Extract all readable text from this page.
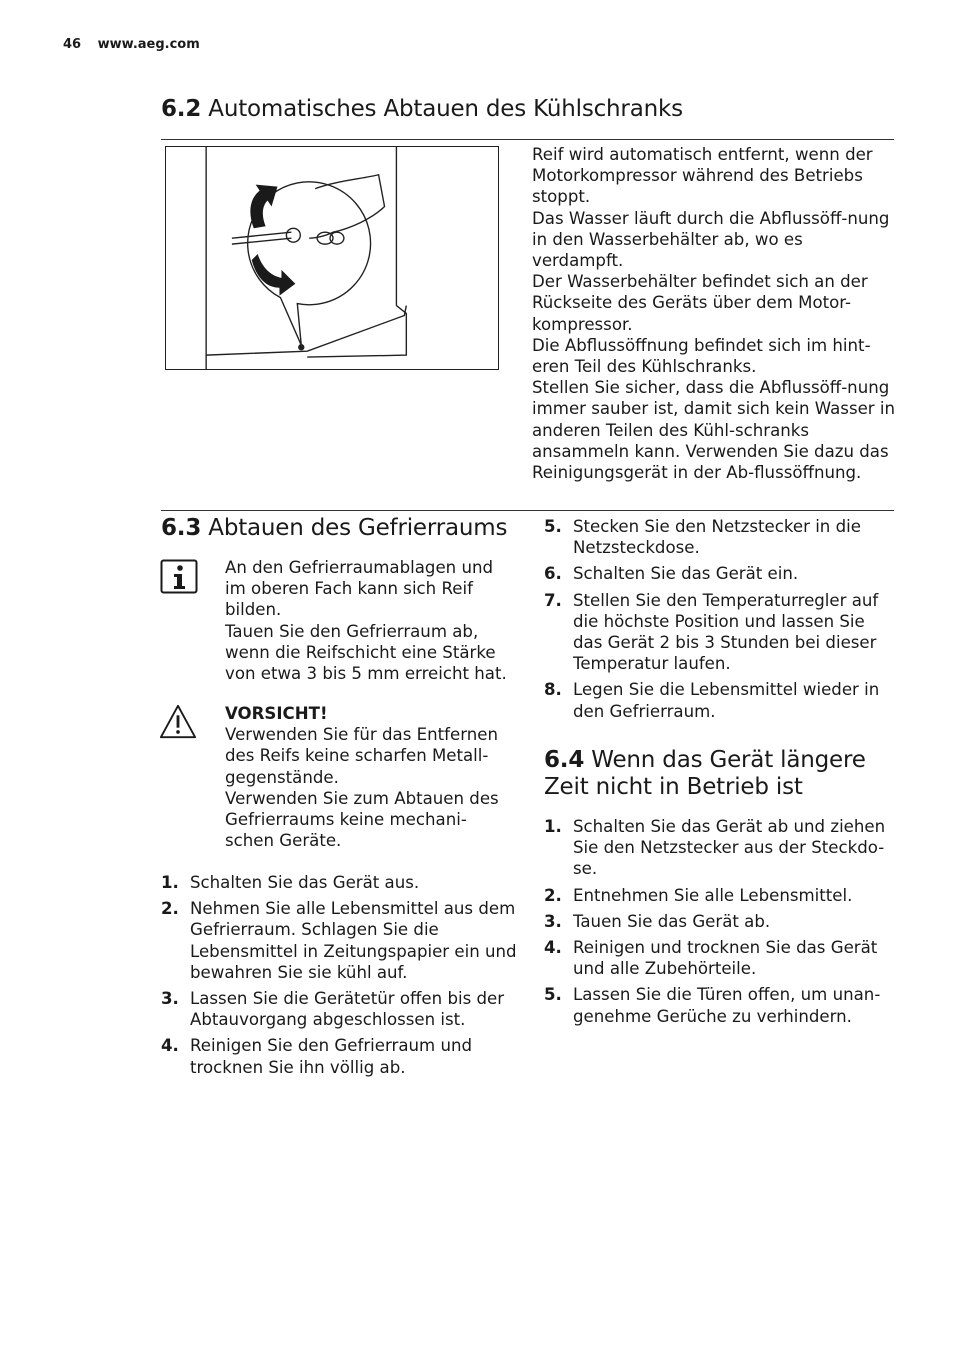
46 www.aeg.com
6.2 Automatisches Abtauen des Kühlschranks

Reif wird automatisch entfernt, wenn der Motorkompressor während des Betriebs stoppt.

Das Wasser läuft durch die Abflussöff-nung in den Wasserbehälter ab, wo es verdampft.

Der Wasserbehälter befindet sich an der Rückseite des Geräts über dem Motor-kompressor.

Die Abflussöffnung befindet sich im hint-eren Teil des Kühlschranks.

Stellen Sie sicher, dass die Abflussöff-nung immer sauber ist, damit sich kein Wasser in anderen Teilen des Kühl-schranks ansammeln kann. Verwenden Sie dazu das Reinigungsgerät in der Ab-flussöffnung.

6.3 Abtauen des Gefrierraums

An den Gefrierraumablagen und im oberen Fach kann sich Reif bilden.

Tauen Sie den Gefrierraum ab, wenn die Reifschicht eine Stärke von etwa 3 bis 5 mm erreicht hat.

VORSICHT!

Verwenden Sie für das Entfernen des Reifs keine scharfen Metall-gegenstände.

Verwenden Sie zum Abtauen des Gefrierraums keine mechani-schen Geräte.

1. Schalten Sie das Gerät aus.
2. Nehmen Sie alle Lebensmittel aus dem Gefrierraum. Schlagen Sie die Lebensmittel in Zeitungspapier ein und bewahren Sie sie kühl auf.
3. Lassen Sie die Gerätetür offen bis der Abtauvorgang abgeschlossen ist.
4. Reinigen Sie den Gefrierraum und trocknen Sie ihn völlig ab.
5. Stecken Sie den Netzstecker in die Netzsteckdose.
6. Schalten Sie das Gerät ein.
7. Stellen Sie den Temperaturregler auf die höchste Position und lassen Sie das Gerät 2 bis 3 Stunden bei dieser Temperatur laufen.
8. Legen Sie die Lebensmittel wieder in den Gefrierraum.
6.4 Wenn das Gerät längere
Zeit nicht in Betrieb ist
1. Schalten Sie das Gerät ab und ziehen Sie den Netzstecker aus der Steckdo-se.
2. Entnehmen Sie alle Lebensmittel.
3. Tauen Sie das Gerät ab.
4. Reinigen und trocknen Sie das Gerät und alle Zubehörteile.
5. Lassen Sie die Türen offen, um unan-genehme Gerüche zu verhindern.
